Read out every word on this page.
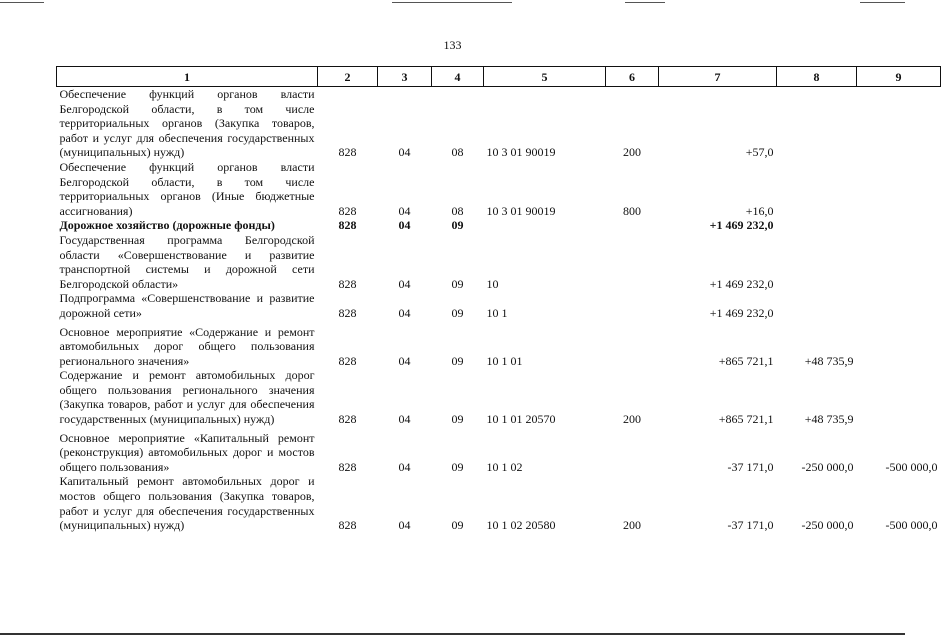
133
1	2	3	4	5	6	7	8	9
Обеспечение функций органов власти Белгородской области, в том числе территориальных органов (Закупка товаров, работ и услуг для обеспечения государственных (муниципальных) нужд)	828	04	08	10 3 01 90019	200	+57,0		
Обеспечение функций органов власти Белгородской области, в том числе территориальных органов (Иные бюджетные ассигнования)	828	04	08	10 3 01 90019	800	+16,0		
Дорожное хозяйство (дорожные фонды)	828	04	09			+1 469 232,0		
Государственная программа Белгородской области «Совершенствование и развитие транспортной системы и дорожной сети Белгородской области»	828	04	09	10		+1 469 232,0		
Подпрограмма «Совершенствование и развитие дорожной сети»	828	04	09	10 1		+1 469 232,0		
Основное мероприятие «Содержание и ремонт автомобильных дорог общего пользования регионального значения»	828	04	09	10 1 01		+865 721,1	+48 735,9	
Содержание и ремонт автомобильных дорог общего пользования регионального значения (Закупка товаров, работ и услуг для обеспечения государственных (муниципальных) нужд)	828	04	09	10 1 01 20570	200	+865 721,1	+48 735,9	
Основное мероприятие «Капитальный ремонт (реконструкция) автомобильных дорог и мостов общего пользования»	828	04	09	10 1 02		-37 171,0	-250 000,0	-500 000,0
Капитальный ремонт автомобильных дорог и мостов общего пользования (Закупка товаров, работ и услуг для обеспечения государственных (муниципальных) нужд)	828	04	09	10 1 02 20580	200	-37 171,0	-250 000,0	-500 000,0
